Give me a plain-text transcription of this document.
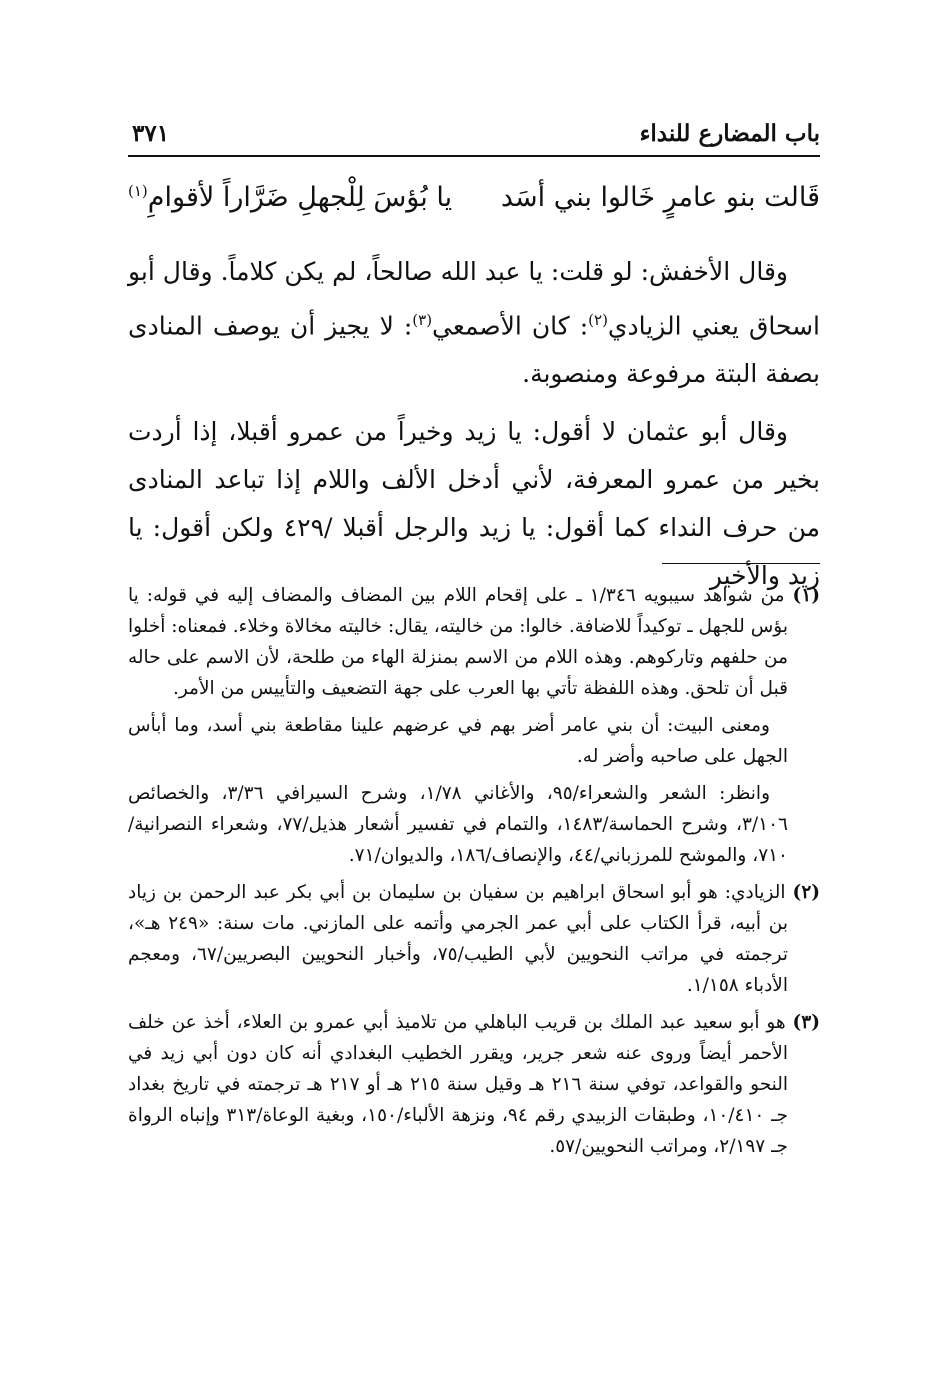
باب المضارع للنداء
٣٧١
قَالت بنو عامرٍ خَالوا بني أسَد
يا بُؤسَ لِلْجهلِ ضَرَّاراً لأقوامِ$^{(١)}$

وقال الأخفش: لو قلت: يا عبد الله صالحاً، لم يكن كلاماً. وقال أبو اسحاق يعني الزيادي$^{(٢)}$: كان الأصمعي$^{(٣)}$: لا يجيز أن يوصف المنادى بصفة البتة مرفوعة ومنصوبة.

وقال أبو عثمان لا أقول: يا زيد وخيراً من عمرو أقبلا، إذا أردت بخير من عمرو المعرفة، لأني أدخل الألف واللام إذا تباعد المنادى من حرف النداء كما أقول: يا زيد والرجل أقبلا /٤٢٩ ولكن أقول: يا زيد والأخير

(١) من شواهد سيبويه ١/٣٤٦ ـ على إقحام اللام بين المضاف والمضاف إليه في قوله: يا بؤس للجهل ـ توكيداً للاضافة. خالوا: من خاليته، يقال: خاليته مخالاة وخلاء. فمعناه: أخلوا من حلفهم وتاركوهم. وهذه اللام من الاسم بمنزلة الهاء من طلحة، لأن الاسم على حاله قبل أن تلحق. وهذه اللفظة تأتي بها العرب على جهة التضعيف والتأييس من الأمر.

ومعنى البيت: أن بني عامر أضر بهم في عرضهم علينا مقاطعة بني أسد، وما أبأس الجهل على صاحبه وأضر له.

وانظر: الشعر والشعراء/٩٥، والأغاني ١/٧٨، وشرح السيرافي ٣/٣٦، والخصائص ٣/١٠٦، وشرح الحماسة/١٤٨٣، والتمام في تفسير أشعار هذيل/٧٧، وشعراء النصرانية/٧١٠، والموشح للمرزباني/٤٤، والإنصاف/١٨٦، والديوان/٧١.

(٢) الزيادي: هو أبو اسحاق ابراهيم بن سفيان بن سليمان بن أبي بكر عبد الرحمن بن زياد بن أبيه، قرأ الكتاب على أبي عمر الجرمي وأتمه على المازني. مات سنة: «٢٤٩ هـ»، ترجمته في مراتب النحويين لأبي الطيب/٧٥، وأخبار النحويين البصريين/٦٧، ومعجم الأدباء ١/١٥٨.

(٣) هو أبو سعيد عبد الملك بن قريب الباهلي من تلاميذ أبي عمرو بن العلاء، أخذ عن خلف الأحمر أيضاً وروى عنه شعر جرير، ويقرر الخطيب البغدادي أنه كان دون أبي زيد في النحو والقواعد، توفي سنة ٢١٦ هـ وقيل سنة ٢١٥ هـ أو ٢١٧ هـ ترجمته في تاريخ بغداد جـ ١٠/٤١٠، وطبقات الزبيدي رقم ٩٤، ونزهة الألباء/١٥٠، وبغية الوعاة/٣١٣ وإنباه الرواة جـ ٢/١٩٧، ومراتب النحويين/٥٧.
